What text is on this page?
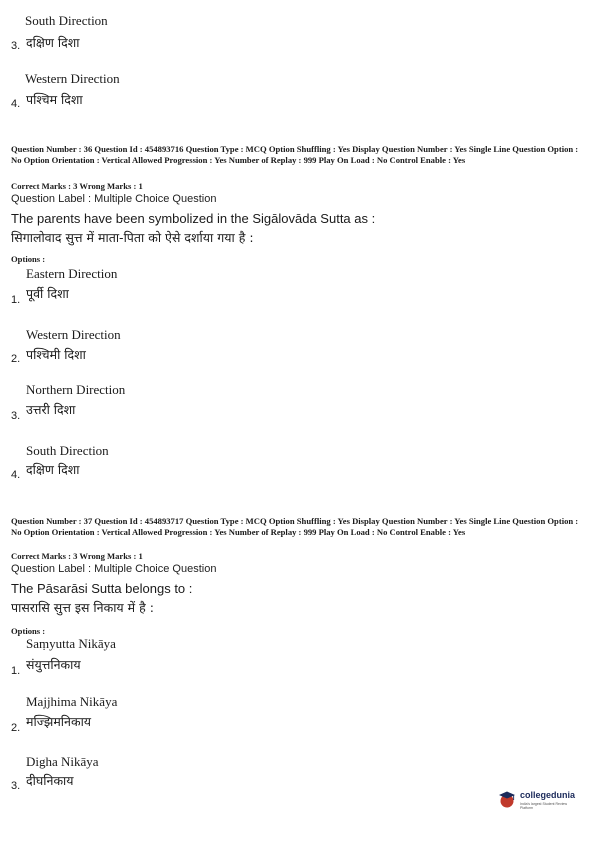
South Direction
3. दक्षिण दिशा
Western Direction
4. पश्चिम दिशा
Question Number : 36 Question Id : 454893716 Question Type : MCQ Option Shuffling : Yes Display Question Number : Yes Single Line Question Option : No Option Orientation : Vertical Allowed Progression : Yes Number of Replay : 999 Play On Load : No Control Enable : Yes
Correct Marks : 3 Wrong Marks : 1
Question Label : Multiple Choice Question
The parents have been symbolized in the Sigālovāda Sutta as :
सिगालोवाद सुत्त में माता-पिता को ऐसे दर्शाया गया है :
Options :
Eastern Direction
पूर्वी दिशा
1.
Western Direction
पश्चिमी दिशा
2.
Northern Direction
उत्तरी दिशा
3.
South Direction
दक्षिण दिशा
4.
Question Number : 37 Question Id : 454893717 Question Type : MCQ Option Shuffling : Yes Display Question Number : Yes Single Line Question Option : No Option Orientation : Vertical Allowed Progression : Yes Number of Replay : 999 Play On Load : No Control Enable : Yes
Correct Marks : 3 Wrong Marks : 1
Question Label : Multiple Choice Question
The Pāsarāsi Sutta belongs to :
पासरासि सुत्त इस निकाय में है :
Options :
Saṃyutta Nikāya
संयुत्तनिकाय
1.
Majjhima Nikāya
मज्झिमनिकाय
2.
Digha Nikāya
दीघनिकाय
3.
collegedunia
India's largest Student Review Platform
